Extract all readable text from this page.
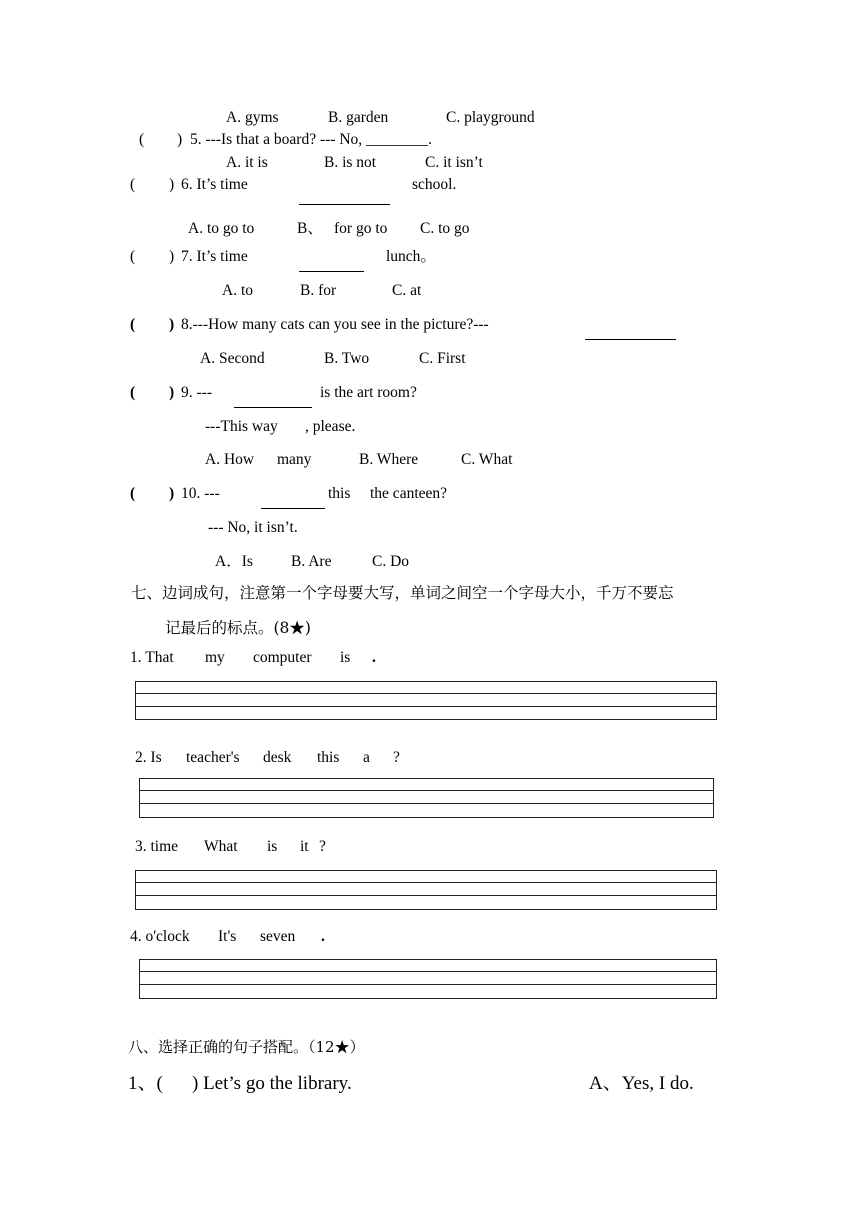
A. gyms	B. garden	C. playground
( ) 5. ---Is that a board? --- No, ________.
A. it is	B. is not	C. it isn’t
( ) 6. It’s time	school.
A. to go to	B、 for go to C. to go
( ) 7. It’s time	lunch。
A. to	B. for	C. at
( ) 8.---How many cats can you see in the picture?---
A. Second	B. Two	C. First
( ) 9. ---	is the art room?
---This way , please.
A. How many	B. Where	C. What
( ) 10. ---	this the canteen?
--- No, it isn’t.
A．Is B. Are	C. Do
七、边词成句，注意第一个字母要大写，单词之间空一个字母大小，千万不要忘
记最后的标点。(8★)
1. That my computer is .
2. Is teacher's desk this a ?
3. time What is it ?
4. o'clock It's seven .
八、选择正确的句子搭配。（12★）
1、( ) Let’s go the library.	A、Yes, I do.
